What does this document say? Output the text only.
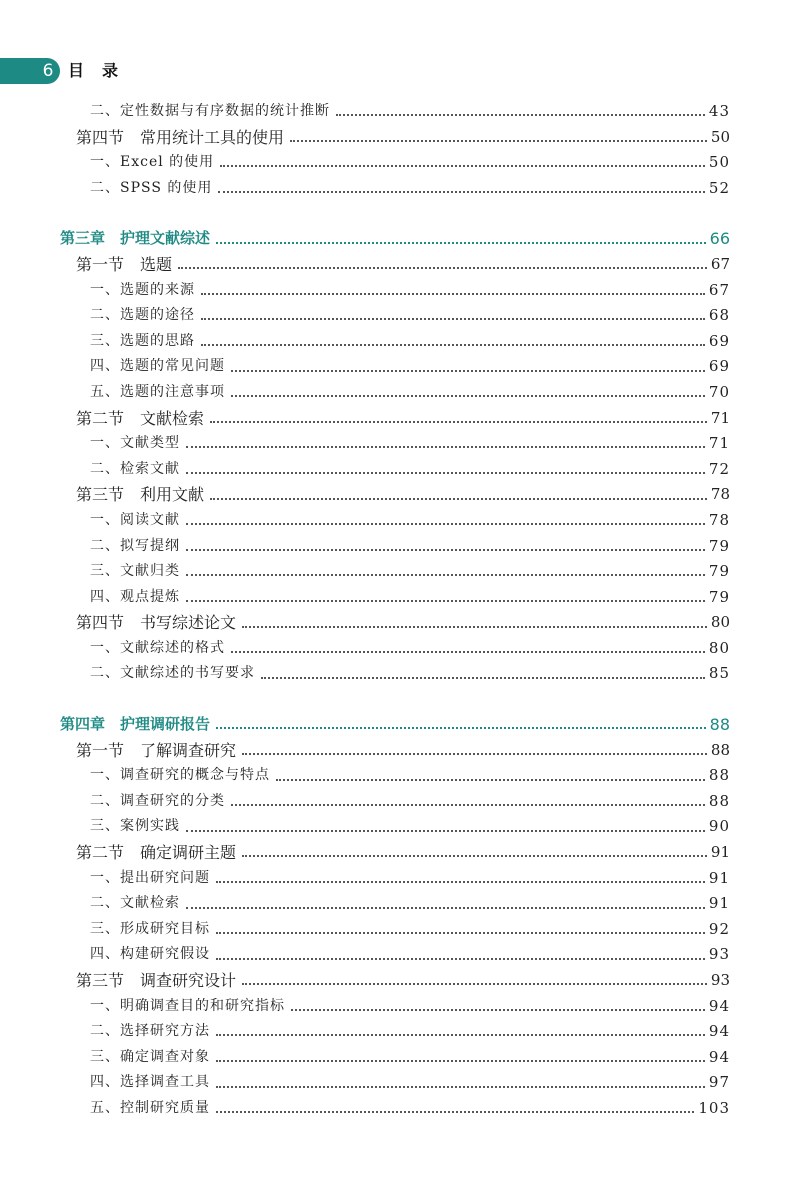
6 目录
二、定性数据与有序数据的统计推断	43
第四节　常用统计工具的使用	50
一、Excel 的使用	50
二、SPSS 的使用	52
第三章　护理文献综述	66
第一节　选题	67
一、选题的来源	67
二、选题的途径	68
三、选题的思路	69
四、选题的常见问题	69
五、选题的注意事项	70
第二节　文献检索	71
一、文献类型	71
二、检索文献	72
第三节　利用文献	78
一、阅读文献	78
二、拟写提纲	79
三、文献归类	79
四、观点提炼	79
第四节　书写综述论文	80
一、文献综述的格式	80
二、文献综述的书写要求	85
第四章　护理调研报告	88
第一节　了解调查研究	88
一、调查研究的概念与特点	88
二、调查研究的分类	88
三、案例实践	90
第二节　确定调研主题	91
一、提出研究问题	91
二、文献检索	91
三、形成研究目标	92
四、构建研究假设	93
第三节　调查研究设计	93
一、明确调查目的和研究指标	94
二、选择研究方法	94
三、确定调查对象	94
四、选择调查工具	97
五、控制研究质量	103
